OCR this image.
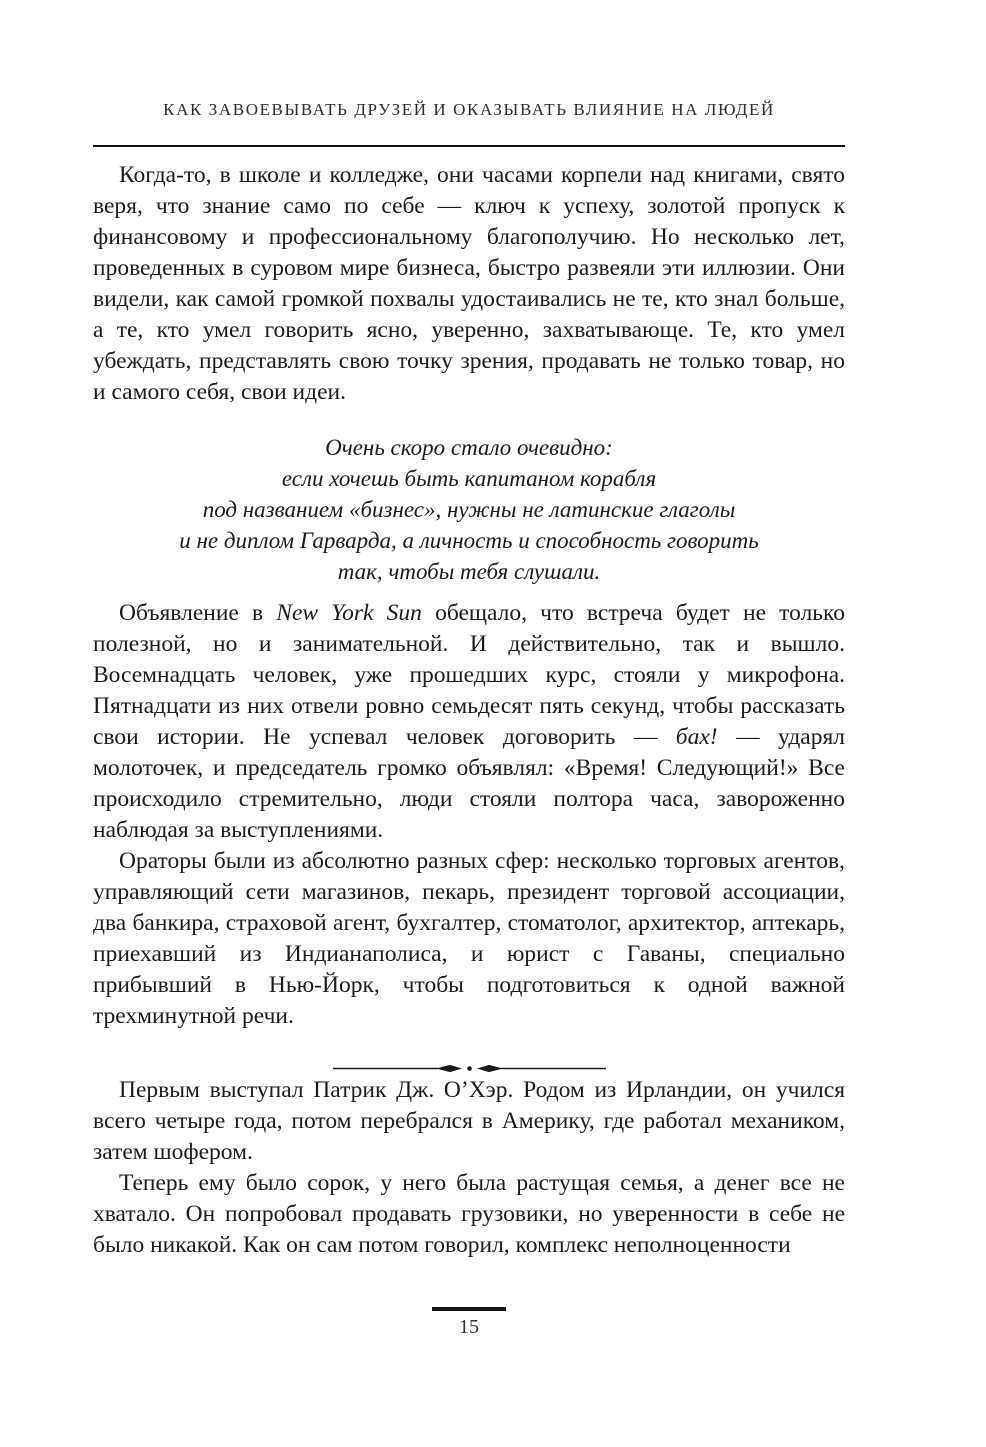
КАК ЗАВОЕВЫВАТЬ ДРУЗЕЙ И ОКАЗЫВАТЬ ВЛИЯНИЕ НА ЛЮДЕЙ

Когда-то, в школе и колледже, они часами корпели над книгами, свято веря, что знание само по себе — ключ к успеху, золотой пропуск к финансовому и профессиональному благополучию. Но несколько лет, проведенных в суровом мире бизнеса, быстро развеяли эти иллюзии. Они видели, как самой громкой похвалы удостаивались не те, кто знал больше, а те, кто умел говорить ясно, уверенно, захватывающе. Те, кто умел убеждать, представлять свою точку зрения, продавать не только товар, но и самого себя, свои идеи.

Очень скоро стало очевидно:
если хочешь быть капитаном корабля
под названием «бизнес», нужны не латинские глаголы
и не диплом Гарварда, а личность и способность говорить
так, чтобы тебя слушали.

Объявление в New York Sun обещало, что встреча будет не только полезной, но и занимательной. И действительно, так и вышло. Восемнадцать человек, уже прошедших курс, стояли у микрофона. Пятнадцати из них отвели ровно семьдесят пять секунд, чтобы рассказать свои истории. Не успевал человек договорить — бах! — ударял молоточек, и председатель громко объявлял: «Время! Следующий!» Все происходило стремительно, люди стояли полтора часа, завороженно наблюдая за выступлениями.

Ораторы были из абсолютно разных сфер: несколько торговых агентов, управляющий сети магазинов, пекарь, президент торговой ассоциации, два банкира, страховой агент, бухгалтер, стоматолог, архитектор, аптекарь, приехавший из Индианаполиса, и юрист с Гаваны, специально прибывший в Нью-Йорк, чтобы подготовиться к одной важной трехминутной речи.

Первым выступал Патрик Дж. О’Хэр. Родом из Ирландии, он учился всего четыре года, потом перебрался в Америку, где работал механиком, затем шофером.

Теперь ему было сорок, у него была растущая семья, а денег все не хватало. Он попробовал продавать грузовики, но уверенности в себе не было никакой. Как он сам потом говорил, комплекс неполноценности

15
